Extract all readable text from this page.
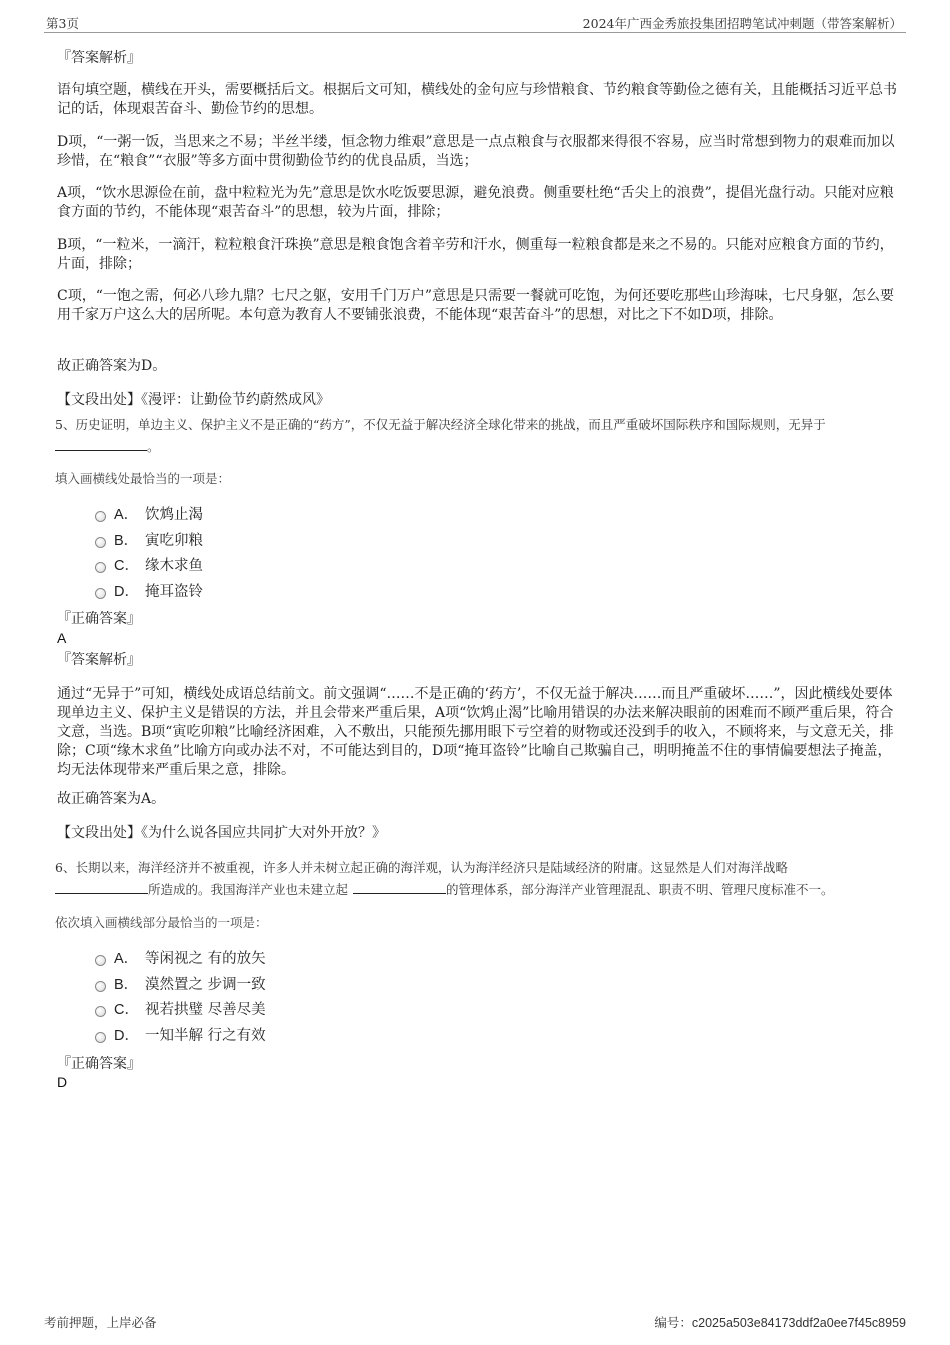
第3页	2024年广西金秀旅投集团招聘笔试冲刺题（带答案解析）
『答案解析』
语句填空题，横线在开头，需要概括后文。根据后文可知，横线处的金句应与珍惜粮食、节约粮食等勤俭之德有关，且能概括习近平总书记的话，体现艰苦奋斗、勤俭节约的思想。
D项，“一粥一饭，当思来之不易；半丝半缕，恒念物力维艰”意思是一点点粮食与衣服都来得很不容易，应当时常想到物力的艰难而加以珍惜，在“粮食”“衣服”等多方面中贯彻勤俭节约的优良品质，当选；
A项，“饮水思源俭在前，盘中粒粒光为先”意思是饮水吃饭要思源，避免浪费。侧重要杜绝“舌尖上的浪费”，提倡光盘行动。只能对应粮食方面的节约，不能体现“艰苦奋斗”的思想，较为片面，排除；
B项，“一粒米，一滴汗，粒粒粮食汗珠换”意思是粮食饱含着辛劳和汗水，侧重每一粒粮食都是来之不易的。只能对应粮食方面的节约，片面，排除；
C项，“一饱之需，何必八珍九鼎？七尺之躯，安用千门万户”意思是只需要一餐就可吃饱，为何还要吃那些山珍海味，七尺身躯，怎么要用千家万户这么大的居所呢。本句意为教育人不要铺张浪费，不能体现“艰苦奋斗”的思想，对比之下不如D项，排除。
故正确答案为D。
【文段出处】《漫评：让勤俭节约蔚然成风》
5、历史证明，单边主义、保护主义不是正确的“药方”，不仅无益于解决经济全球化带来的挑战，而且严重破坏国际秩序和国际规则，无异于
。
填入画横线处最恰当的一项是：
A． 饮鸩止渴
B． 寅吃卯粮
C． 缘木求鱼
D． 掩耳盗铃
『正确答案』
A
『答案解析』
通过“无异于”可知，横线处成语总结前文。前文强调“……不是正确的‘药方’，不仅无益于解决……而且严重破坏……”，因此横线处要体现单边主义、保护主义是错误的方法，并且会带来严重后果，A项“饮鸩止渴”比喻用错误的办法来解决眼前的困难而不顾严重后果，符合文意，当选。B项“寅吃卯粮”比喻经济困难，入不敷出，只能预先挪用眼下亏空着的财物或还没到手的收入，不顾将来，与文意无关，排除；C项“缘木求鱼”比喻方向或办法不对，不可能达到目的，D项“掩耳盗铃”比喻自己欺骗自己，明明掩盖不住的事情偏要想法子掩盖，均无法体现带来严重后果之意，排除。
故正确答案为A。
【文段出处】《为什么说各国应共同扩大对外开放？》
6、长期以来，海洋经济并不被重视，许多人并未树立起正确的海洋观，认为海洋经济只是陆域经济的附庸。这显然是人们对海洋战略
所造成的。我国海洋产业也未建立起	的管理体系，部分海洋产业管理混乱、职责不明、管理尺度标准不一。
依次填入画横线部分最恰当的一项是：
A． 等闲视之 有的放矢
B． 漠然置之 步调一致
C． 视若拱璧 尽善尽美
D． 一知半解 行之有效
『正确答案』
D
考前押题，上岸必备	编号：c2025a503e84173ddf2a0ee7f45c8959
